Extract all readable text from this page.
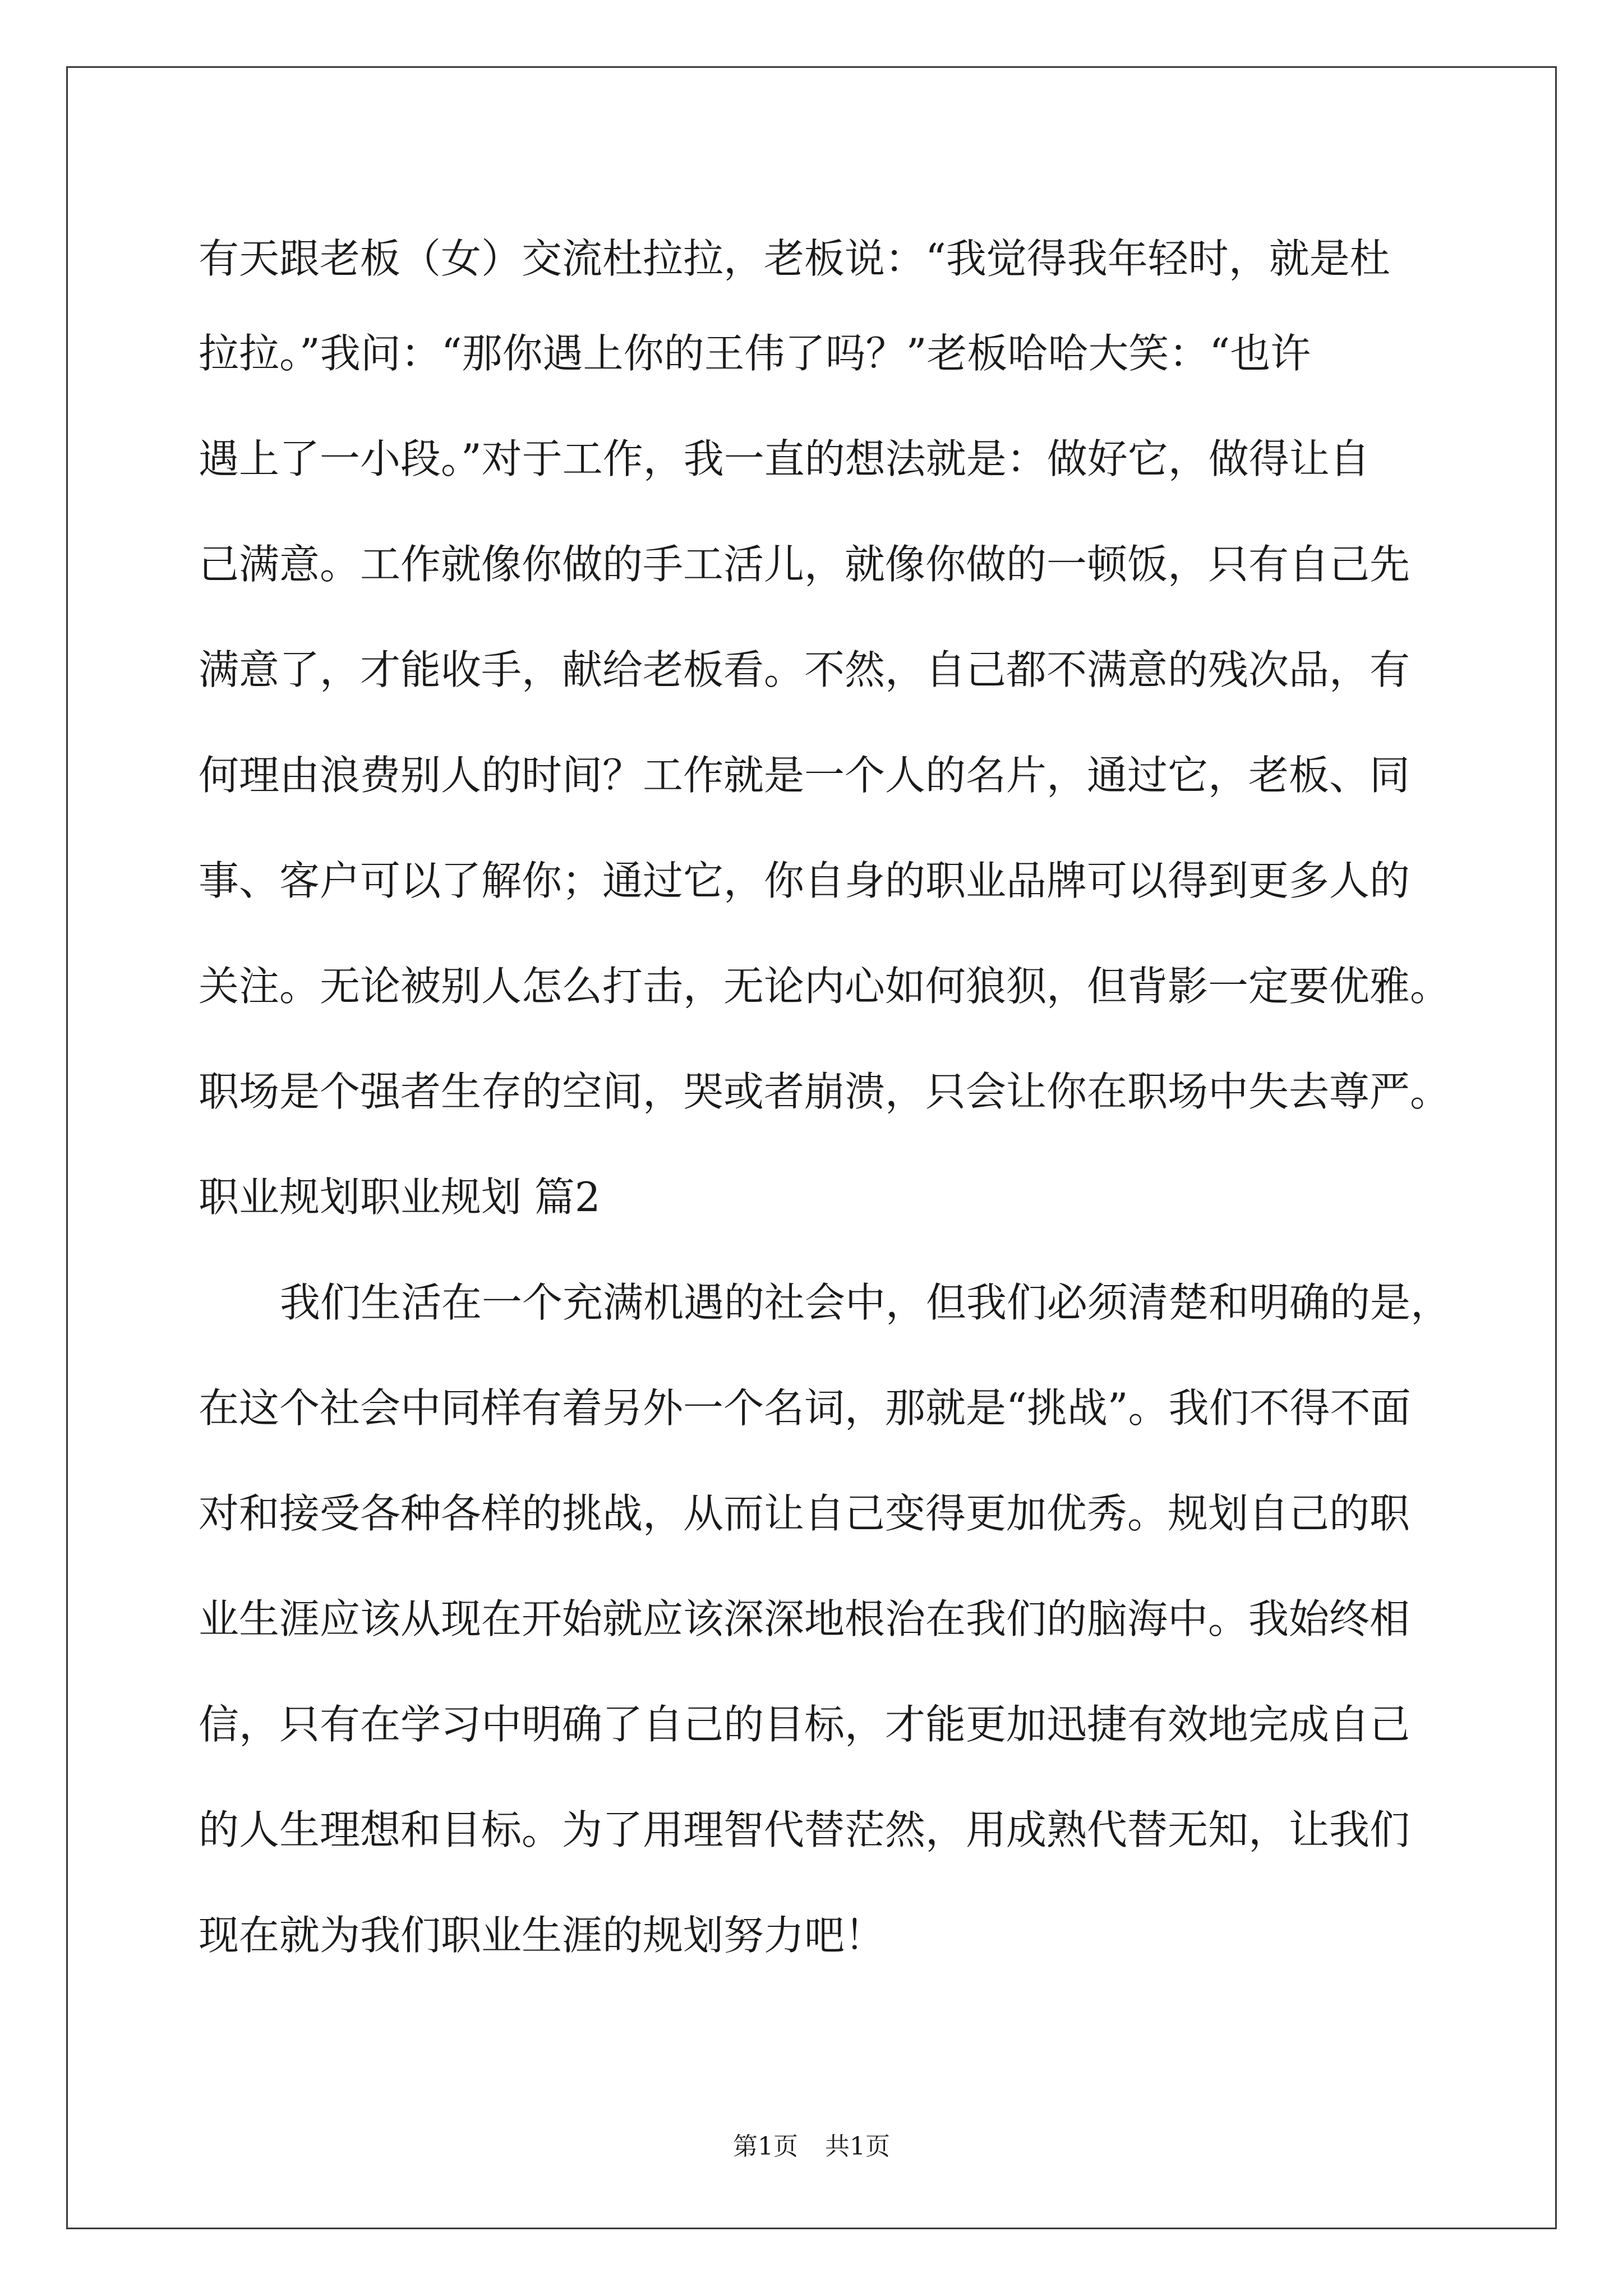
有天跟老板（女）交流杜拉拉，老板说：“我觉得我年轻时，就是杜
拉拉。”我问：“那你遇上你的王伟了吗？”老板哈哈大笑：“也许
遇上了一小段。”对于工作，我一直的想法就是：做好它，做得让自
己满意。工作就像你做的手工活儿，就像你做的一顿饭，只有自己先
满意了，才能收手，献给老板看。不然，自己都不满意的残次品，有
何理由浪费别人的时间？工作就是一个人的名片，通过它，老板、同
事、客户可以了解你；通过它，你自身的职业品牌可以得到更多人的
关注。无论被别人怎么打击，无论内心如何狼狈，但背影一定要优雅。
职场是个强者生存的空间，哭或者崩溃，只会让你在职场中失去尊严。
职业规划职业规划 篇2
我们生活在一个充满机遇的社会中，但我们必须清楚和明确的是，
在这个社会中同样有着另外一个名词，那就是“挑战”。我们不得不面
对和接受各种各样的挑战，从而让自己变得更加优秀。规划自己的职
业生涯应该从现在开始就应该深深地根治在我们的脑海中。我始终相
信，只有在学习中明确了自己的目标，才能更加迅捷有效地完成自己
的人生理想和目标。为了用理智代替茫然，用成熟代替无知，让我们
现在就为我们职业生涯的规划努力吧！
第1页 共1页
